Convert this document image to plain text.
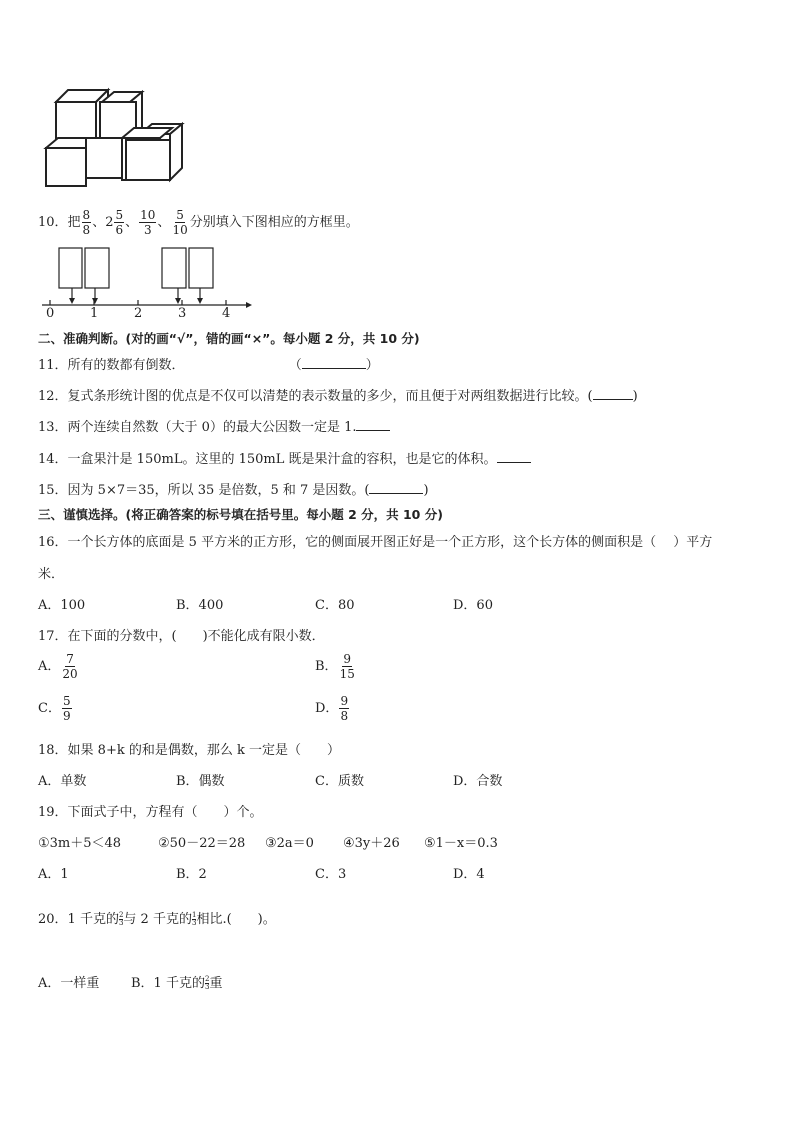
10．把 $\frac{8}{8}$ 、$2 \frac{5}{6}$ 、 $\frac{10}{3}$ 、 $\frac{5}{10}$ 分别填入下图相应的方框里。
0	1	2	3	4
二、准确判断。(对的画“√”，错的画“×”。每小题 2 分，共 10 分)
11．所有的数都有倒数．	（	）
12．复式条形统计图的优点是不仅可以清楚的表示数量的多少，而且便于对两组数据进行比较。(	)
13．两个连续自然数（大于 0）的最大公因数一定是 1.
14．一盒果汁是 150mL。这里的 150mL 既是果汁盒的容积，也是它的体积。
15．因为 5×7＝35，所以 35 是倍数，5 和 7 是因数。(	)
三、谨慎选择。(将正确答案的标号填在括号里。每小题 2 分，共 10 分)
16．一个长方体的底面是 5 平方米的正方形，它的侧面展开图正好是一个正方形，这个长方体的侧面积是（　 ）平方
米．
A．100	B．400	C．80	D．60
17．在下面的分数中，(　　)不能化成有限小数．
A． $\frac{7}{20}$	B． $\frac{9}{15}$
C． $\frac{5}{9}$	D． $\frac{9}{8}$
18．如果 8+k 的和是偶数，那么 k 一定是（　　）
A．单数	B．偶数	C．质数	D．合数
19．下面式子中，方程有（　　）个。
①3m＋5＜48	②50－22＝28 ③2a＝0 ④3y＋26 ⑤1－x＝0.3
A．1	B．2	C．3	D．4
20．1 千克的 $\frac{2}{3}$ 与 2 千克的 $\frac{1}{3}$ 相比.(　　)。
A．一样重 B．1 千克的 $\frac{2}{3}$ 重
